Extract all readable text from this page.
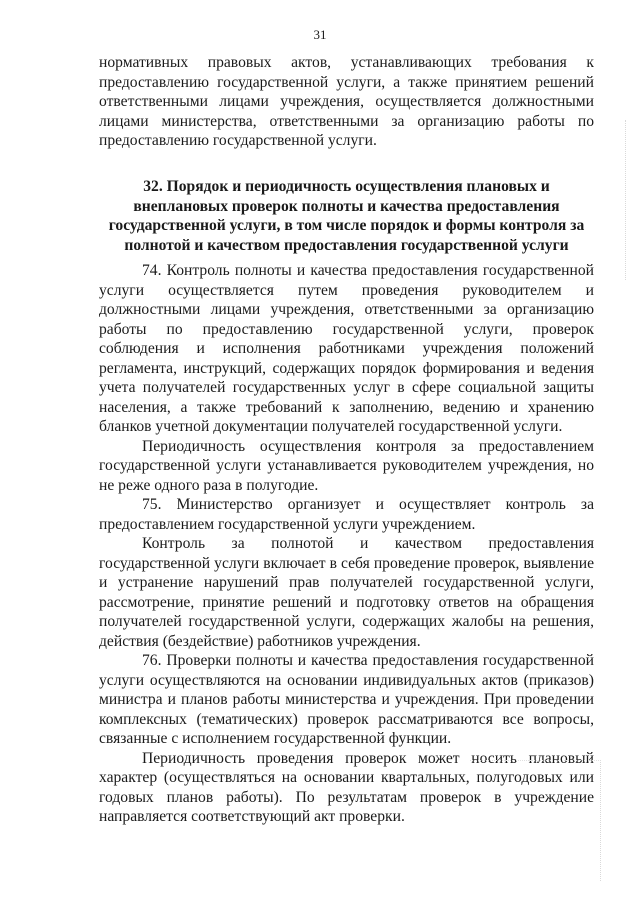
31

нормативных правовых актов, устанавливающих требования к предоставлению государственной услуги, а также принятием решений ответственными лицами учреждения, осуществляется должностными лицами министерства, ответственными за организацию работы по предоставлению государственной услуги.

32. Порядок и периодичность осуществления плановых и внеплановых проверок полноты и качества предоставления государственной услуги, в том числе порядок и формы контроля за полнотой и качеством предоставления государственной услуги

74. Контроль полноты и качества предоставления государственной услуги осуществляется путем проведения руководителем и должностными лицами учреждения, ответственными за организацию работы по предоставлению государственной услуги, проверок соблюдения и исполнения работниками учреждения положений регламента, инструкций, содержащих порядок формирования и ведения учета получателей государственных услуг в сфере социальной защиты населения, а также требований к заполнению, ведению и хранению бланков учетной документации получателей государственной услуги.

Периодичность осуществления контроля за предоставлением государственной услуги устанавливается руководителем учреждения, но не реже одного раза в полугодие.

75. Министерство организует и осуществляет контроль за предоставлением государственной услуги учреждением.

Контроль за полнотой и качеством предоставления государственной услуги включает в себя проведение проверок, выявление и устранение нарушений прав получателей государственной услуги, рассмотрение, принятие решений и подготовку ответов на обращения получателей государственной услуги, содержащих жалобы на решения, действия (бездействие) работников учреждения.

76. Проверки полноты и качества предоставления государственной услуги осуществляются на основании индивидуальных актов (приказов) министра и планов работы министерства и учреждения. При проведении комплексных (тематических) проверок рассматриваются все вопросы, связанные с исполнением государственной функции.

Периодичность проведения проверок может носить плановый характер (осуществляться на основании квартальных, полугодовых или годовых планов работы). По результатам проверок в учреждение направляется соответствующий акт проверки.
